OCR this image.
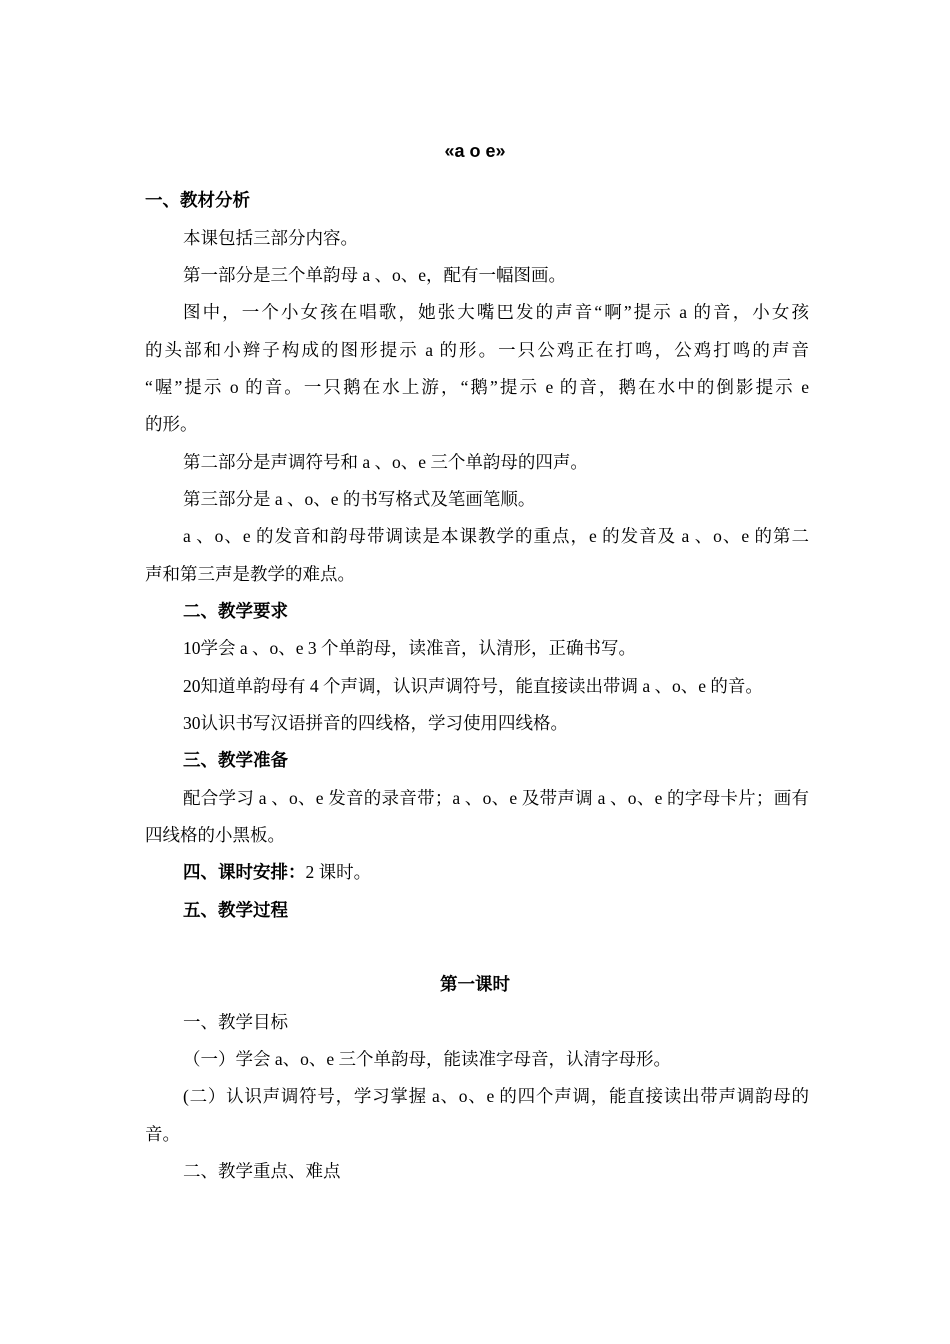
«a o e»
一、教材分析
本课包括三部分内容。
第一部分是三个单韵母 a 、o、e，配有一幅图画。
图中，一个小女孩在唱歌，她张大嘴巴发的声音“啊”提示 a 的音，小女孩
的头部和小辫子构成的图形提示 a 的形。一只公鸡正在打鸣，公鸡打鸣的声音
“喔”提示 o 的音。一只鹅在水上游，“鹅”提示 e 的音，鹅在水中的倒影提示 e
的形。
第二部分是声调符号和 a 、o、e 三个单韵母的四声。
第三部分是 a 、o、e 的书写格式及笔画笔顺。
a 、o、e 的发音和韵母带调读是本课教学的重点，e 的发音及 a 、o、e 的第二
声和第三声是教学的难点。
二、教学要求
10学会 a 、o、e 3 个单韵母，读准音，认清形，正确书写。
20知道单韵母有 4 个声调，认识声调符号，能直接读出带调 a 、o、e 的音。
30认识书写汉语拼音的四线格，学习使用四线格。
三、教学准备
配合学习 a 、o、e 发音的录音带；a 、o、e 及带声调 a 、o、e 的字母卡片；画有
四线格的小黑板。
四、课时安排：2 课时。
五、教学过程
第一课时
一、教学目标
（一）学会 a、o、e 三个单韵母，能读准字母音，认清字母形。
(二）认识声调符号，学习掌握 a、o、e 的四个声调，能直接读出带声调韵母的
音。
二、教学重点、难点
